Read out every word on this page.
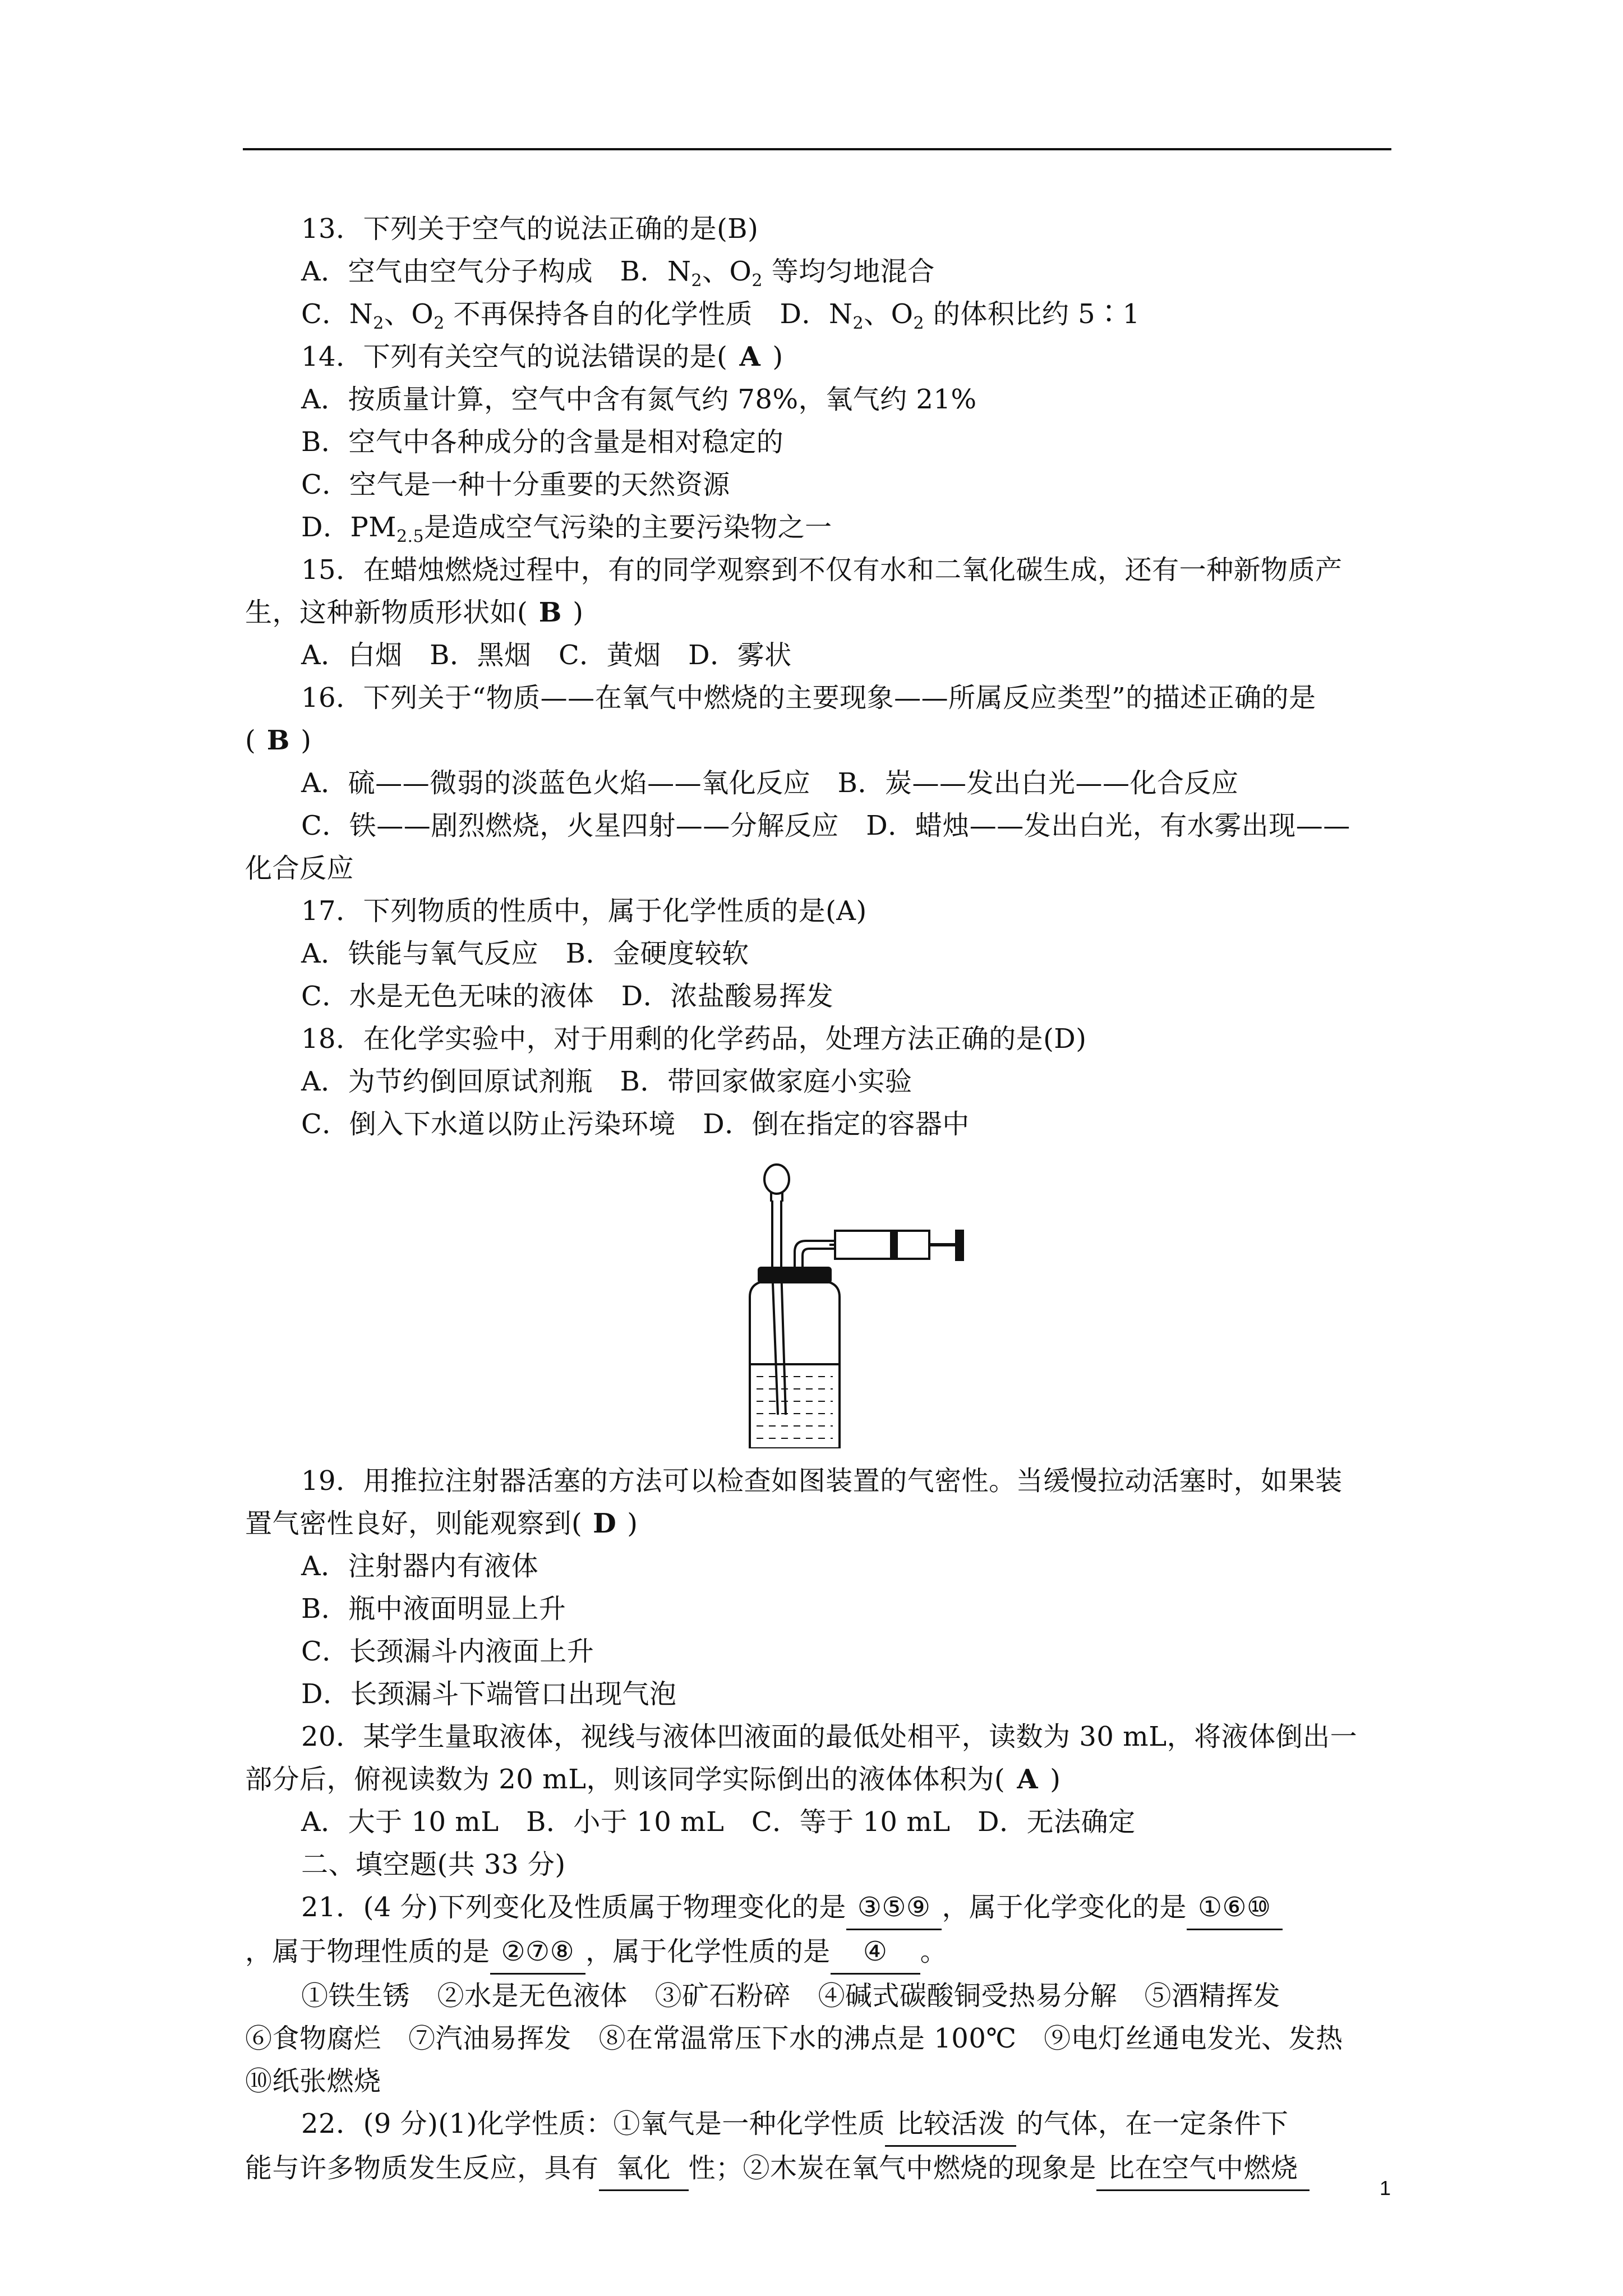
13．下列关于空气的说法正确的是(B)
A．空气由空气分子构成　B．$N_2$、$O_2$ 等均匀地混合
C．$N_2$、$O_2$ 不再保持各自的化学性质　D．$N_2$、$O_2$ 的体积比约 5∶1
14．下列有关空气的说法错误的是( A )
A．按质量计算，空气中含有氮气约 78%，氧气约 21%
B．空气中各种成分的含量是相对稳定的
C．空气是一种十分重要的天然资源
D．$PM_{2.5}$是造成空气污染的主要污染物之一
15．在蜡烛燃烧过程中，有的同学观察到不仅有水和二氧化碳生成，还有一种新物质产
生，这种新物质形状如( B )
A．白烟　B．黑烟　C．黄烟　D．雾状
16．下列关于“物质——在氧气中燃烧的主要现象——所属反应类型”的描述正确的是
( B )
A．硫——微弱的淡蓝色火焰——氧化反应　B．炭——发出白光——化合反应
C．铁——剧烈燃烧，火星四射——分解反应　D．蜡烛——发出白光，有水雾出现——
化合反应
17．下列物质的性质中，属于化学性质的是(A)
A．铁能与氧气反应　B．金硬度较软
C．水是无色无味的液体　D．浓盐酸易挥发
18．在化学实验中，对于用剩的化学药品，处理方法正确的是(D)
A．为节约倒回原试剂瓶　B．带回家做家庭小实验
C．倒入下水道以防止污染环境　D．倒在指定的容器中
19．用推拉注射器活塞的方法可以检查如图装置的气密性。当缓慢拉动活塞时，如果装
置气密性良好，则能观察到( D )
A．注射器内有液体
B．瓶中液面明显上升
C．长颈漏斗内液面上升
D．长颈漏斗下端管口出现气泡
20．某学生量取液体，视线与液体凹液面的最低处相平，读数为 30 mL，将液体倒出一
部分后，俯视读数为 20 mL，则该同学实际倒出的液体体积为( A )
A．大于 10 mL　B．小于 10 mL　C．等于 10 mL　D．无法确定
二、填空题(共 33 分)
21．(4 分)下列变化及性质属于物理变化的是 ③⑤⑨ ，属于化学变化的是 ①⑥⑩
，属于物理性质的是 ②⑦⑧ ，属于化学性质的是 ④ 。
①铁生锈　②水是无色液体　③矿石粉碎　④碱式碳酸铜受热易分解　⑤酒精挥发
⑥食物腐烂　⑦汽油易挥发　⑧在常温常压下水的沸点是 100℃　⑨电灯丝通电发光、发热
⑩纸张燃烧
22．(9 分)(1)化学性质：①氧气是一种化学性质 比较活泼 的气体，在一定条件下
能与许多物质发生反应，具有 氧化 性；②木炭在氧气中燃烧的现象是 比在空气中燃烧
1
